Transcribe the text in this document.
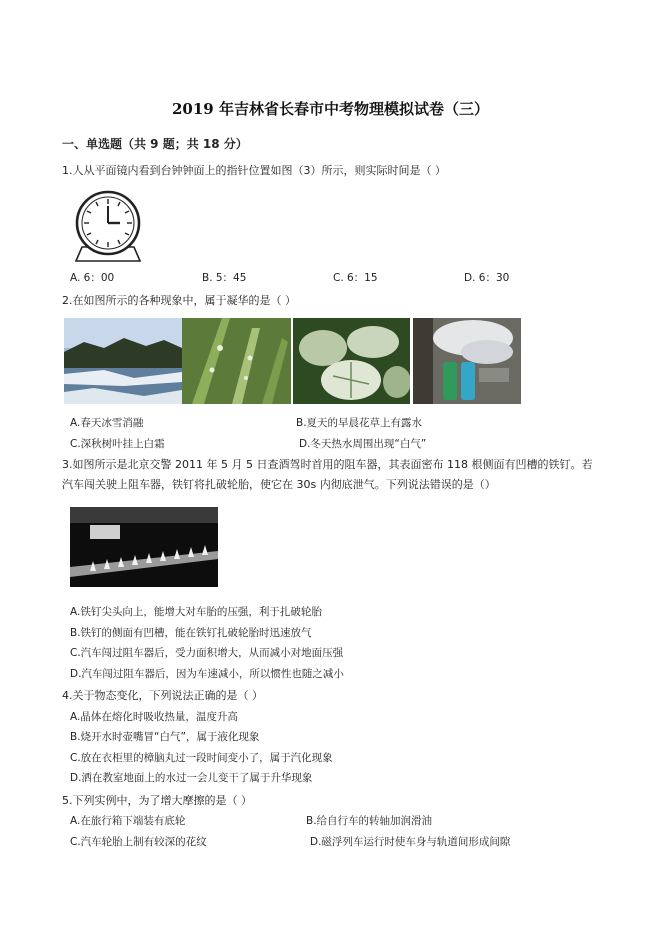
2019 年吉林省长春市中考物理模拟试卷（三）
一、单选题（共 9 题；共 18 分）
1.人从平面镜内看到台钟钟面上的指针位置如图（3）所示，则实际时间是（ ）
A. 6：00	B. 5：45	C. 6：15	D. 6：30
2.在如图所示的各种现象中，属于凝华的是（ ）
A.春天冰雪消融	B.夏天的早晨花草上有露水
C.深秋树叶挂上白霜	D.冬天热水周围出现“白气”
3.如图所示是北京交警 2011 年 5 月 5 日查酒驾时首用的阻车器，其表面密布 118 根侧面有凹槽的铁钉。若
汽车闯关驶上阻车器，铁钉将扎破轮胎，使它在 30s 内彻底泄气。下列说法错误的是（）
A.铁钉尖头向上，能增大对车胎的压强，利于扎破轮胎
B.铁钉的侧面有凹槽，能在铁钉扎破轮胎时迅速放气
C.汽车闯过阻车器后，受力面积增大，从而减小对地面压强
D.汽车闯过阻车器后，因为车速减小，所以惯性也随之减小
4.关于物态变化，下列说法正确的是（ ）
A.晶体在熔化时吸收热量，温度升高
B.烧开水时壶嘴冒“白气”，属于液化现象
C.放在衣柜里的樟脑丸过一段时间变小了，属于汽化现象
D.洒在教室地面上的水过一会儿变干了属于升华现象
5.下列实例中，为了增大摩擦的是（ ）
A.在旅行箱下端装有底轮	B.给自行车的转轴加润滑油
C.汽车轮胎上制有较深的花纹	D.磁浮列车运行时使车身与轨道间形成间隙
